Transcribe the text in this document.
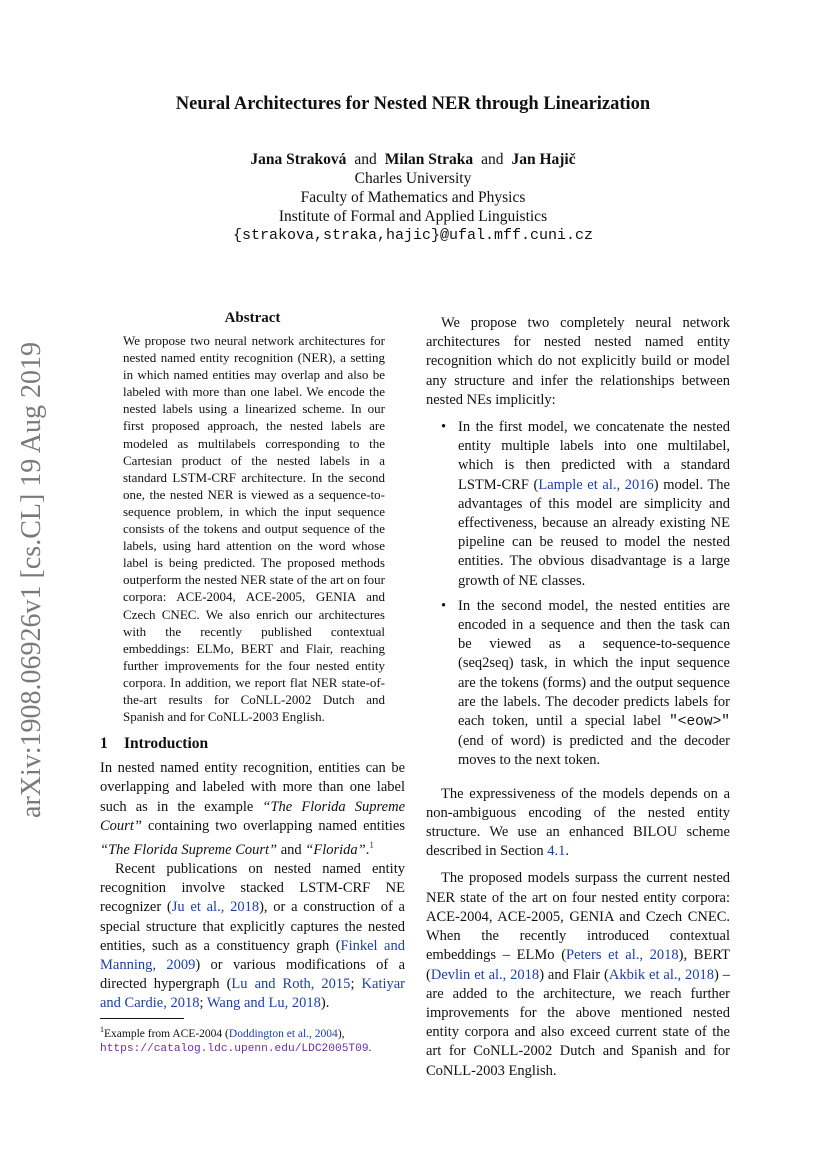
arXiv:1908.06926v1 [cs.CL] 19 Aug 2019
Neural Architectures for Nested NER through Linearization
Jana Straková and Milan Straka and Jan Hajič
Charles University
Faculty of Mathematics and Physics
Institute of Formal and Applied Linguistics
{strakova,straka,hajic}@ufal.mff.cuni.cz
Abstract
We propose two neural network architectures for nested named entity recognition (NER), a setting in which named entities may overlap and also be labeled with more than one label. We encode the nested labels using a linearized scheme. In our first proposed approach, the nested labels are modeled as multilabels corresponding to the Cartesian product of the nested labels in a standard LSTM-CRF architecture. In the second one, the nested NER is viewed as a sequence-to-sequence problem, in which the input sequence consists of the tokens and output sequence of the labels, using hard attention on the word whose label is being predicted. The proposed methods outperform the nested NER state of the art on four corpora: ACE-2004, ACE-2005, GENIA and Czech CNEC. We also enrich our architectures with the recently published contextual embeddings: ELMo, BERT and Flair, reaching further improvements for the four nested entity corpora. In addition, we report flat NER state-of-the-art results for CoNLL-2002 Dutch and Spanish and for CoNLL-2003 English.
1 Introduction

In nested named entity recognition, entities can be overlapping and labeled with more than one label such as in the example “The Florida Supreme Court” containing two overlapping named entities “The Florida Supreme Court” and “Florida”.$^1$

Recent publications on nested named entity recognition involve stacked LSTM-CRF NE recognizer (Ju et al., 2018), or a construction of a special structure that explicitly captures the nested entities, such as a constituency graph (Finkel and Manning, 2009) or various modifications of a directed hypergraph (Lu and Roth, 2015; Katiyar and Cardie, 2018; Wang and Lu, 2018).

$^1$Example from ACE-2004 (Doddington et al., 2004),
https://catalog.ldc.upenn.edu/LDC2005T09.

We propose two completely neural network architectures for nested nested named entity recognition which do not explicitly build or model any structure and infer the relationships between nested NEs implicitly:

• In the first model, we concatenate the nested entity multiple labels into one multilabel, which is then predicted with a standard LSTM-CRF (Lample et al., 2016) model. The advantages of this model are simplicity and effectiveness, because an already existing NE pipeline can be reused to model the nested entities. The obvious disadvantage is a large growth of NE classes.
• In the second model, the nested entities are encoded in a sequence and then the task can be viewed as a sequence-to-sequence (seq2seq) task, in which the input sequence are the tokens (forms) and the output sequence are the labels. The decoder predicts labels for each token, until a special label "<eow>" (end of word) is predicted and the decoder moves to the next token.

The expressiveness of the models depends on a non-ambiguous encoding of the nested entity structure. We use an enhanced BILOU scheme described in Section 4.1.

The proposed models surpass the current nested NER state of the art on four nested entity corpora: ACE-2004, ACE-2005, GENIA and Czech CNEC. When the recently introduced contextual embeddings – ELMo (Peters et al., 2018), BERT (Devlin et al., 2018) and Flair (Akbik et al., 2018) – are added to the architecture, we reach further improvements for the above mentioned nested entity corpora and also exceed current state of the art for CoNLL-2002 Dutch and Spanish and for CoNLL-2003 English.
